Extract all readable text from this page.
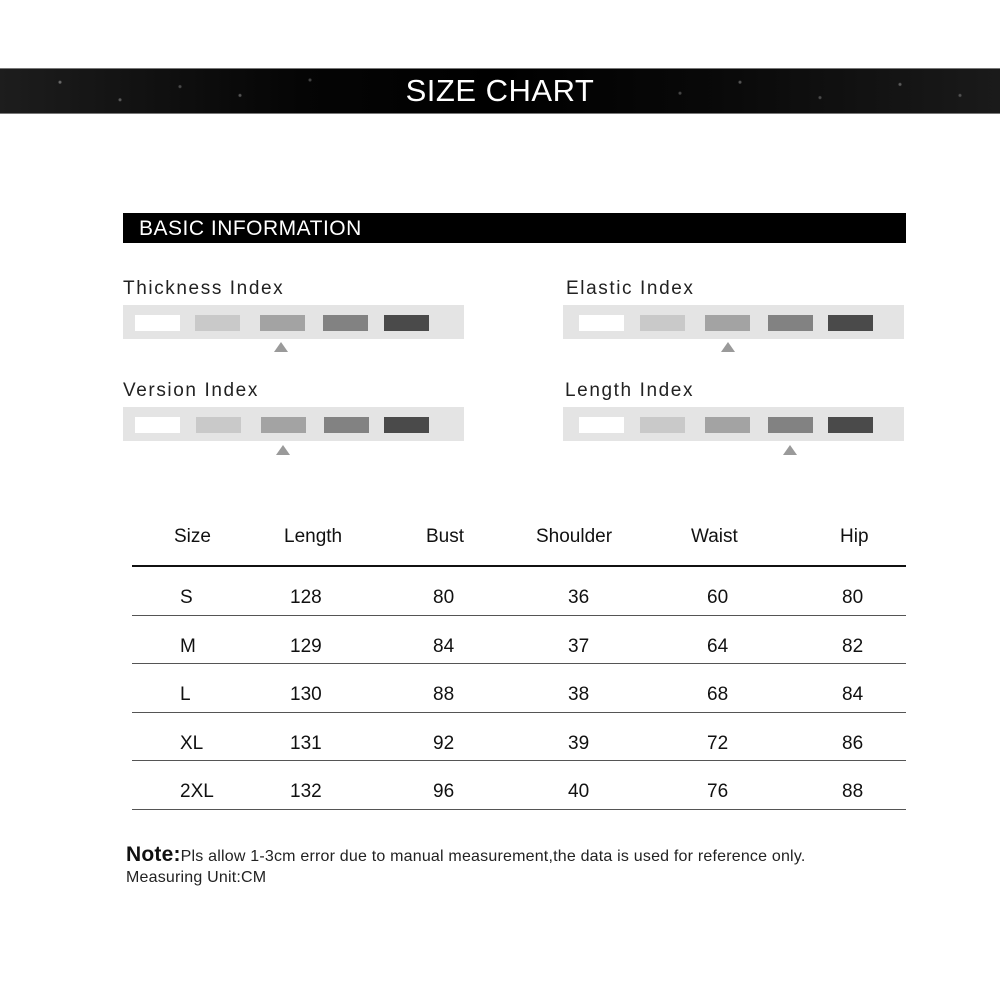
SIZE CHART
BASIC INFORMATION
Thickness Index	Elastic Index
Version Index	Length Index
Size	Length	Bust	Shoulder	Waist	Hip
S	128	80	36	60	80
M	129	84	37	64	82
L	130	88	38	68	84
XL	131	92	39	72	86
2XL	132	96	40	76	88
Note:Pls allow 1-3cm error due to manual measurement,the data is used for reference only.
Measuring Unit:CM
